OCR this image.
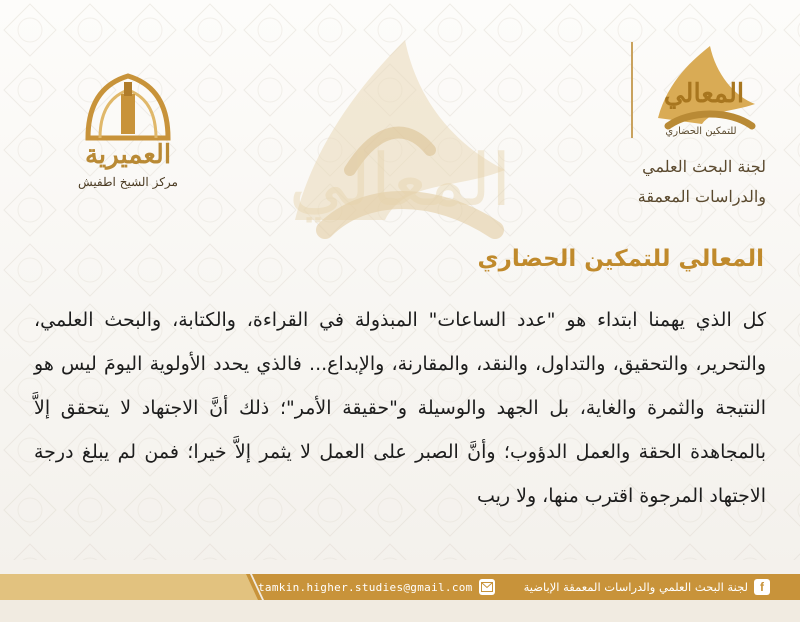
المعالي
العميرية
مركز الشيخ اطفيش
المعالي
للتمكين الحضاري
لجنة البحث العلمي
والدراسات المعمقة
المعالي للتمكين الحضاري
كل الذي يهمنا ابتداء هو "عدد الساعات" المبذولة في القراءة، والكتابة، والبحث العلمي، والتحرير، والتحقيق، والتداول، والنقد، والمقارنة، والإبداع... فالذي يحدد الأولوية اليومَ ليس هو النتيجة والثمرة والغاية، بل الجهد والوسيلة و"حقيقة الأمر"؛ ذلك أنَّ الاجتهاد لا يتحقق إلاَّ بالمجاهدة الحقة والعمل الدؤوب؛ وأنَّ الصبر على العمل لا يثمر إلاَّ خيرا؛ فمن لم يبلغ درجة الاجتهاد المرجوة اقترب منها، ولا ريب
tamkin.higher.studies@gmail.com	f
لجنة البحث العلمي والدراسات المعمقة الإباضية
